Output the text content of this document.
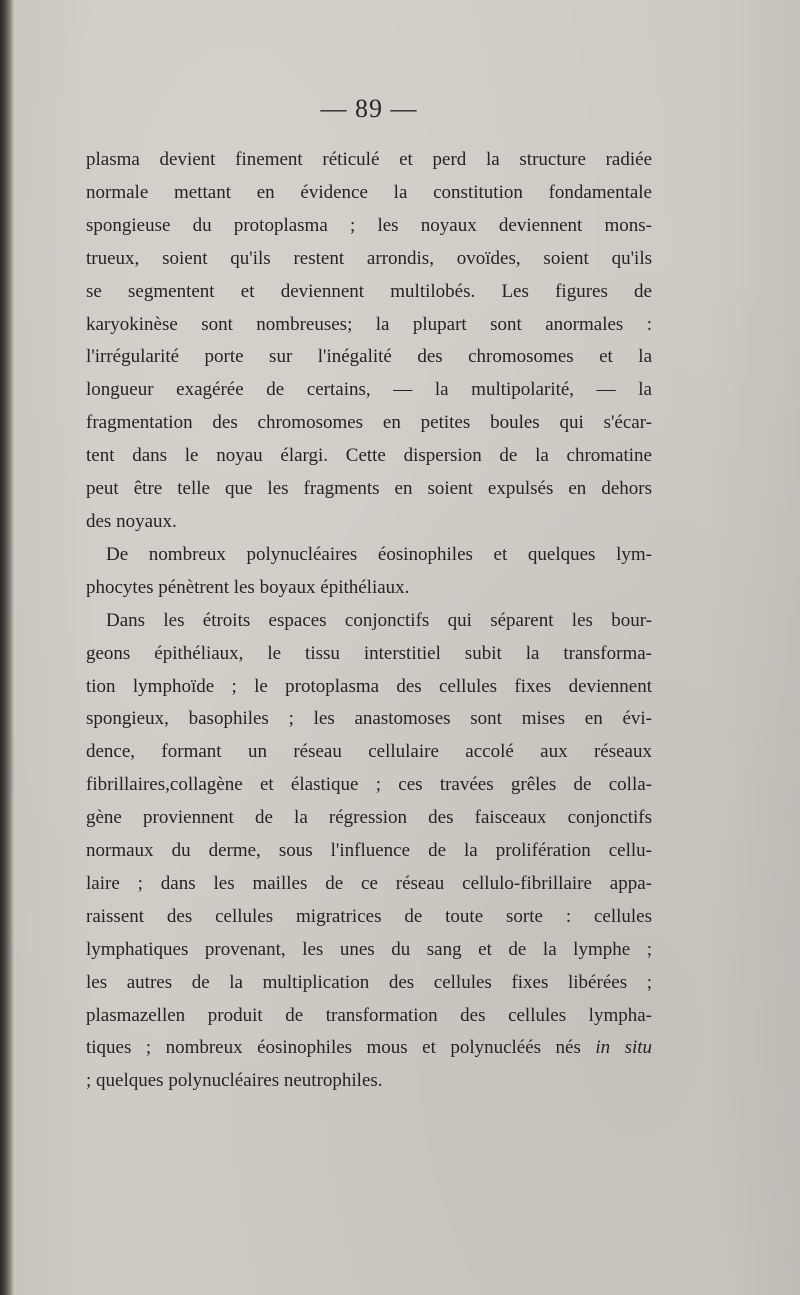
— 89 —
plasma devient finement réticulé et perd la structure radiée
normale mettant en évidence la constitution fondamentale
spongieuse du protoplasma ; les noyaux deviennent mons-
trueux, soient qu'ils restent arrondis, ovoïdes, soient qu'ils
se segmentent et deviennent multilobés. Les figures de
karyokinèse sont nombreuses; la plupart sont anormales :
l'irrégularité porte sur l'inégalité des chromosomes et la
longueur exagérée de certains, — la multipolarité, — la
fragmentation des chromosomes en petites boules qui s'écar-
tent dans le noyau élargi. Cette dispersion de la chromatine
peut être telle que les fragments en soient expulsés en dehors
des noyaux.
De nombreux polynucléaires éosinophiles et quelques lym-
phocytes pénètrent les boyaux épithéliaux.
Dans les étroits espaces conjonctifs qui séparent les bour-
geons épithéliaux, le tissu interstitiel subit la transforma-
tion lymphoïde ; le protoplasma des cellules fixes deviennent
spongieux, basophiles ; les anastomoses sont mises en évi-
dence, formant un réseau cellulaire accolé aux réseaux
fibrillaires,collagène et élastique ; ces travées grêles de colla-
gène proviennent de la régression des faisceaux conjonctifs
normaux du derme, sous l'influence de la prolifération cellu-
laire ; dans les mailles de ce réseau cellulo-fibrillaire appa-
raissent des cellules migratrices de toute sorte : cellules
lymphatiques provenant, les unes du sang et de la lymphe ;
les autres de la multiplication des cellules fixes libérées ;
plasmazellen produit de transformation des cellules lympha-
tiques ; nombreux éosinophiles mous et polynucléés nés in situ
; quelques polynucléaires neutrophiles.
